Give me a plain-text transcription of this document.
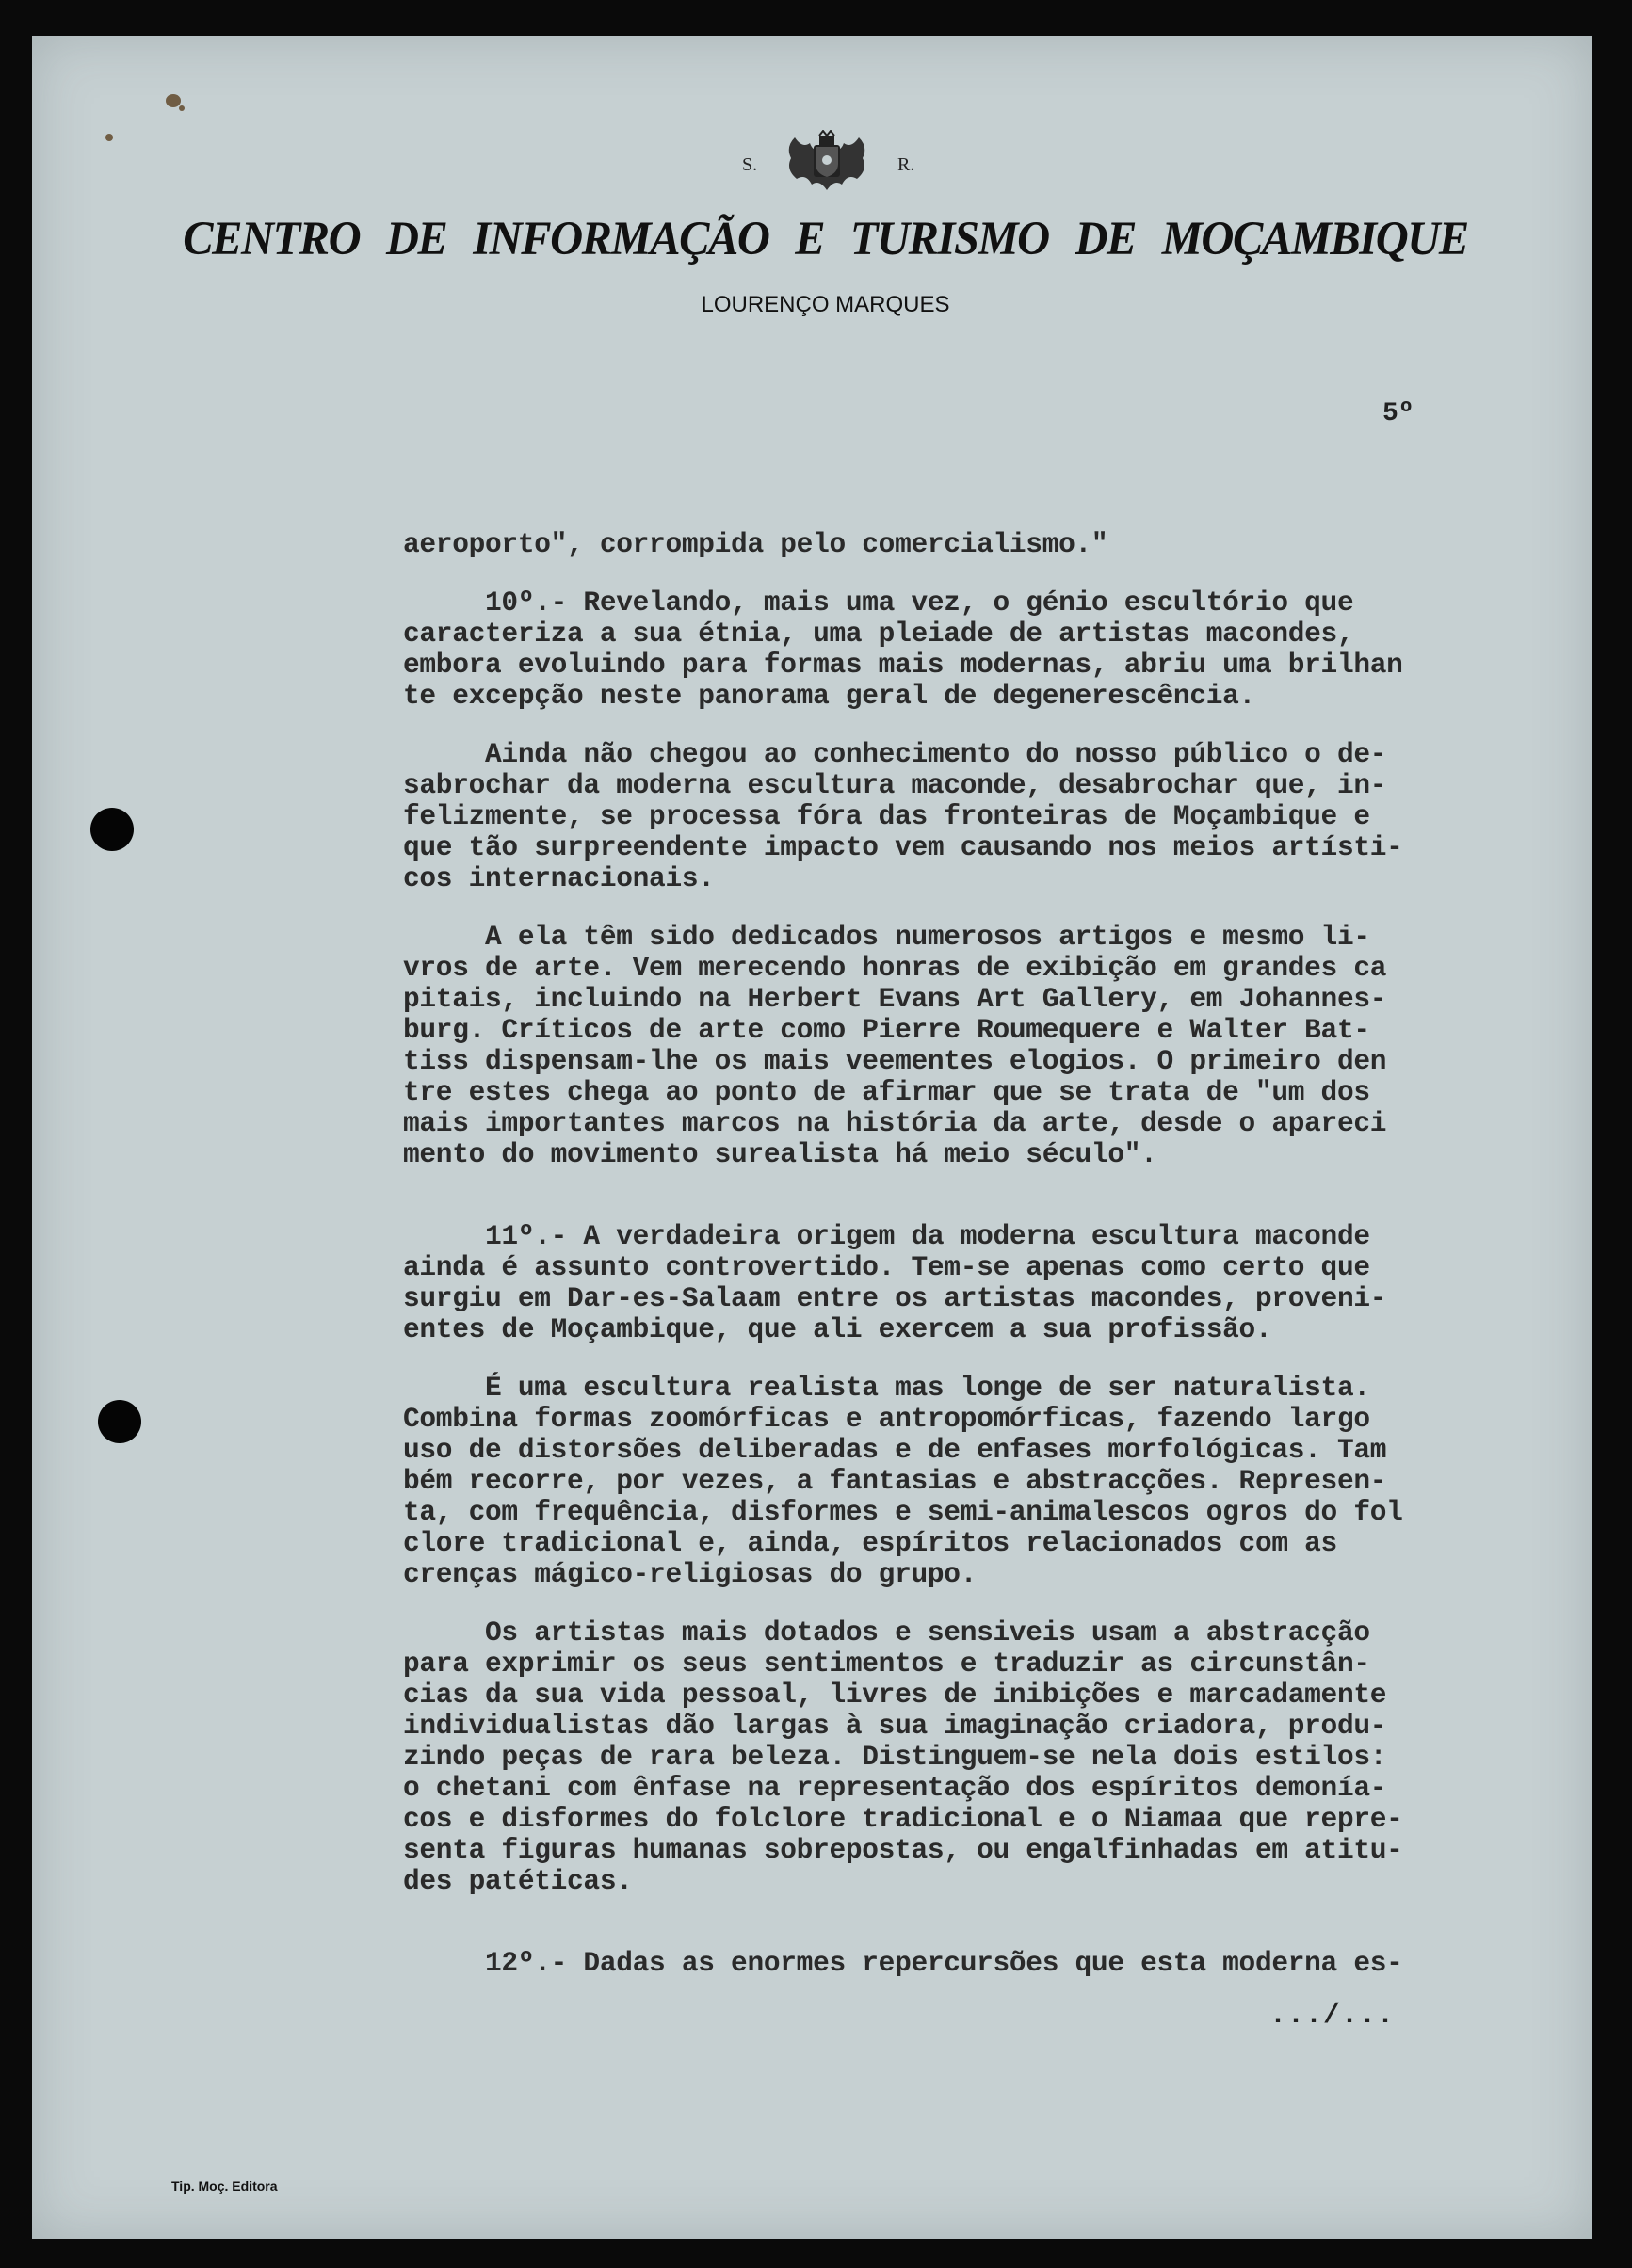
S.	R.
CENTRO DE INFORMAÇÃO E TURISMO DE MOÇAMBIQUE
LOURENÇO MARQUES
5º
aeroporto", corrompida pelo comercialismo."
10º.- Revelando, mais uma vez, o génio escultório que
caracteriza a sua étnia, uma pleiade de artistas macondes,
embora evoluindo para formas mais modernas, abriu uma brilhan
te excepção neste panorama geral de degenerescência.
Ainda não chegou ao conhecimento do nosso público o de-
sabrochar da moderna escultura maconde, desabrochar que, in-
felizmente, se processa fóra das fronteiras de Moçambique e
que tão surpreendente impacto vem causando nos meios artísti-
cos internacionais.
A ela têm sido dedicados numerosos artigos e mesmo li-
vros de arte. Vem merecendo honras de exibição em grandes ca
pitais, incluindo na Herbert Evans Art Gallery, em Johannes-
burg. Críticos de arte como Pierre Roumequere e Walter Bat-
tiss dispensam-lhe os mais veementes elogios. O primeiro den
tre estes chega ao ponto de afirmar que se trata de "um dos
mais importantes marcos na história da arte, desde o apareci
mento do movimento surealista há meio século".
11º.- A verdadeira origem da moderna escultura maconde
ainda é assunto controvertido. Tem-se apenas como certo que
surgiu em Dar-es-Salaam entre os artistas macondes, proveni-
entes de Moçambique, que ali exercem a sua profissão.
É uma escultura realista mas longe de ser naturalista.
Combina formas zoomórficas e antropomórficas, fazendo largo
uso de distorsões deliberadas e de enfases morfológicas. Tam
bém recorre, por vezes, a fantasias e abstracções. Represen-
ta, com frequência, disformes e semi-animalescos ogros do fol
clore tradicional e, ainda, espíritos relacionados com as
crenças mágico-religiosas do grupo.
Os artistas mais dotados e sensiveis usam a abstracção
para exprimir os seus sentimentos e traduzir as circunstân-
cias da sua vida pessoal, livres de inibições e marcadamente
individualistas dão largas à sua imaginação criadora, produ-
zindo peças de rara beleza. Distinguem-se nela dois estilos:
o chetani com ênfase na representação dos espíritos demonía-
cos e disformes do folclore tradicional e o Niamaa que repre-
senta figuras humanas sobrepostas, ou engalfinhadas em atitu-
des patéticas.
12º.- Dadas as enormes repercursões que esta moderna es-
.../...
Tip. Moç. Editora
